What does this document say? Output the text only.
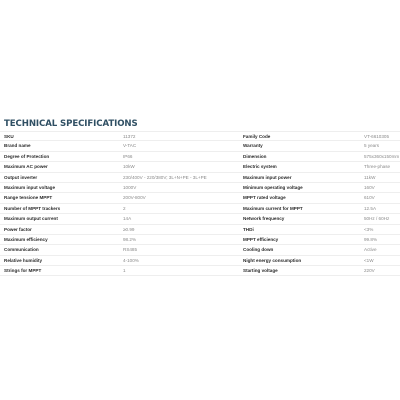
TECHNICAL SPECIFICATIONS
SKU	11372	Family Code	VT-6610305
Brand name	V-TAC	Warranty	5 years
Degree of Protection	IP66	Dimension	575x360x150mm
Maximum AC power	10kW	Electric system	Three-phase
Output inverter	230/400V - 220/380V; 3L+N+PE - 3L+PE	Maximum input power	11kW
Maximum input voltage	1000V	Minimum operating voltage	160V
Range tensione MPPT	200V-800V	MPPT rated voltage	610V
Number of MPPT trackers	2	Maximum current for MPPT	12.5A
Maximum output current	14A	Network frequency	50Hz / 60Hz
Power factor	≥0.99	THDi	<3%
Maximum efficiency	98.2%	MPPT efficiency	99.8%
Communication	RS485	Cooling down	Active
Relative humidity	4-100%	Night energy consumption	<1W
Strings for MPPT	1	Starting voltage	220V
